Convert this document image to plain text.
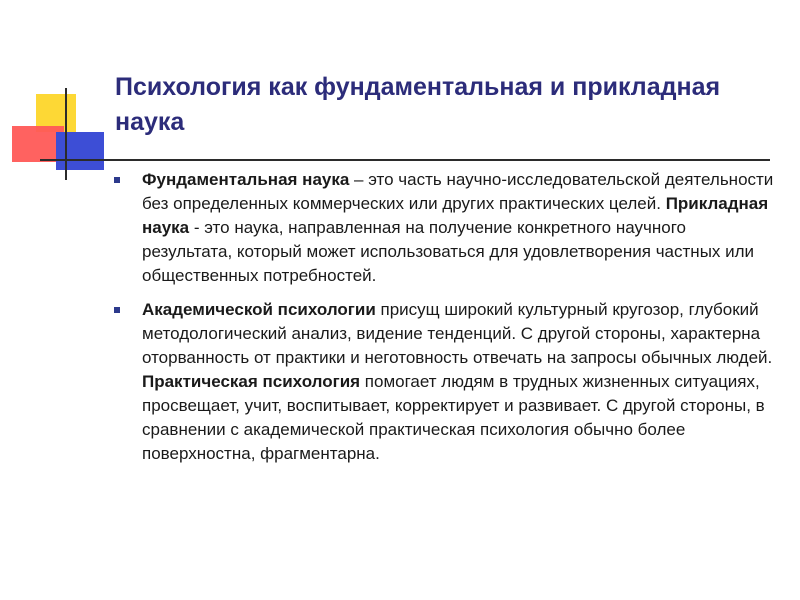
Психология как фундаментальная и прикладная наука
Фундаментальная наука – это часть научно-исследовательской деятельности без определенных коммерческих или других практических целей. Прикладная наука - это наука, направленная на получение конкретного научного результата, который может использоваться для удовлетворения частных или общественных потребностей.
Академической психологии присущ широкий культурный кругозор, глубокий методологический анализ, видение тенденций. С другой стороны, характерна оторванность от практики и неготовность отвечать на запросы обычных людей. Практическая психология помогает людям в трудных жизненных ситуациях, просвещает, учит, воспитывает, корректирует и развивает. С другой стороны, в сравнении с академической практическая психология обычно более поверхностна, фрагментарна.
